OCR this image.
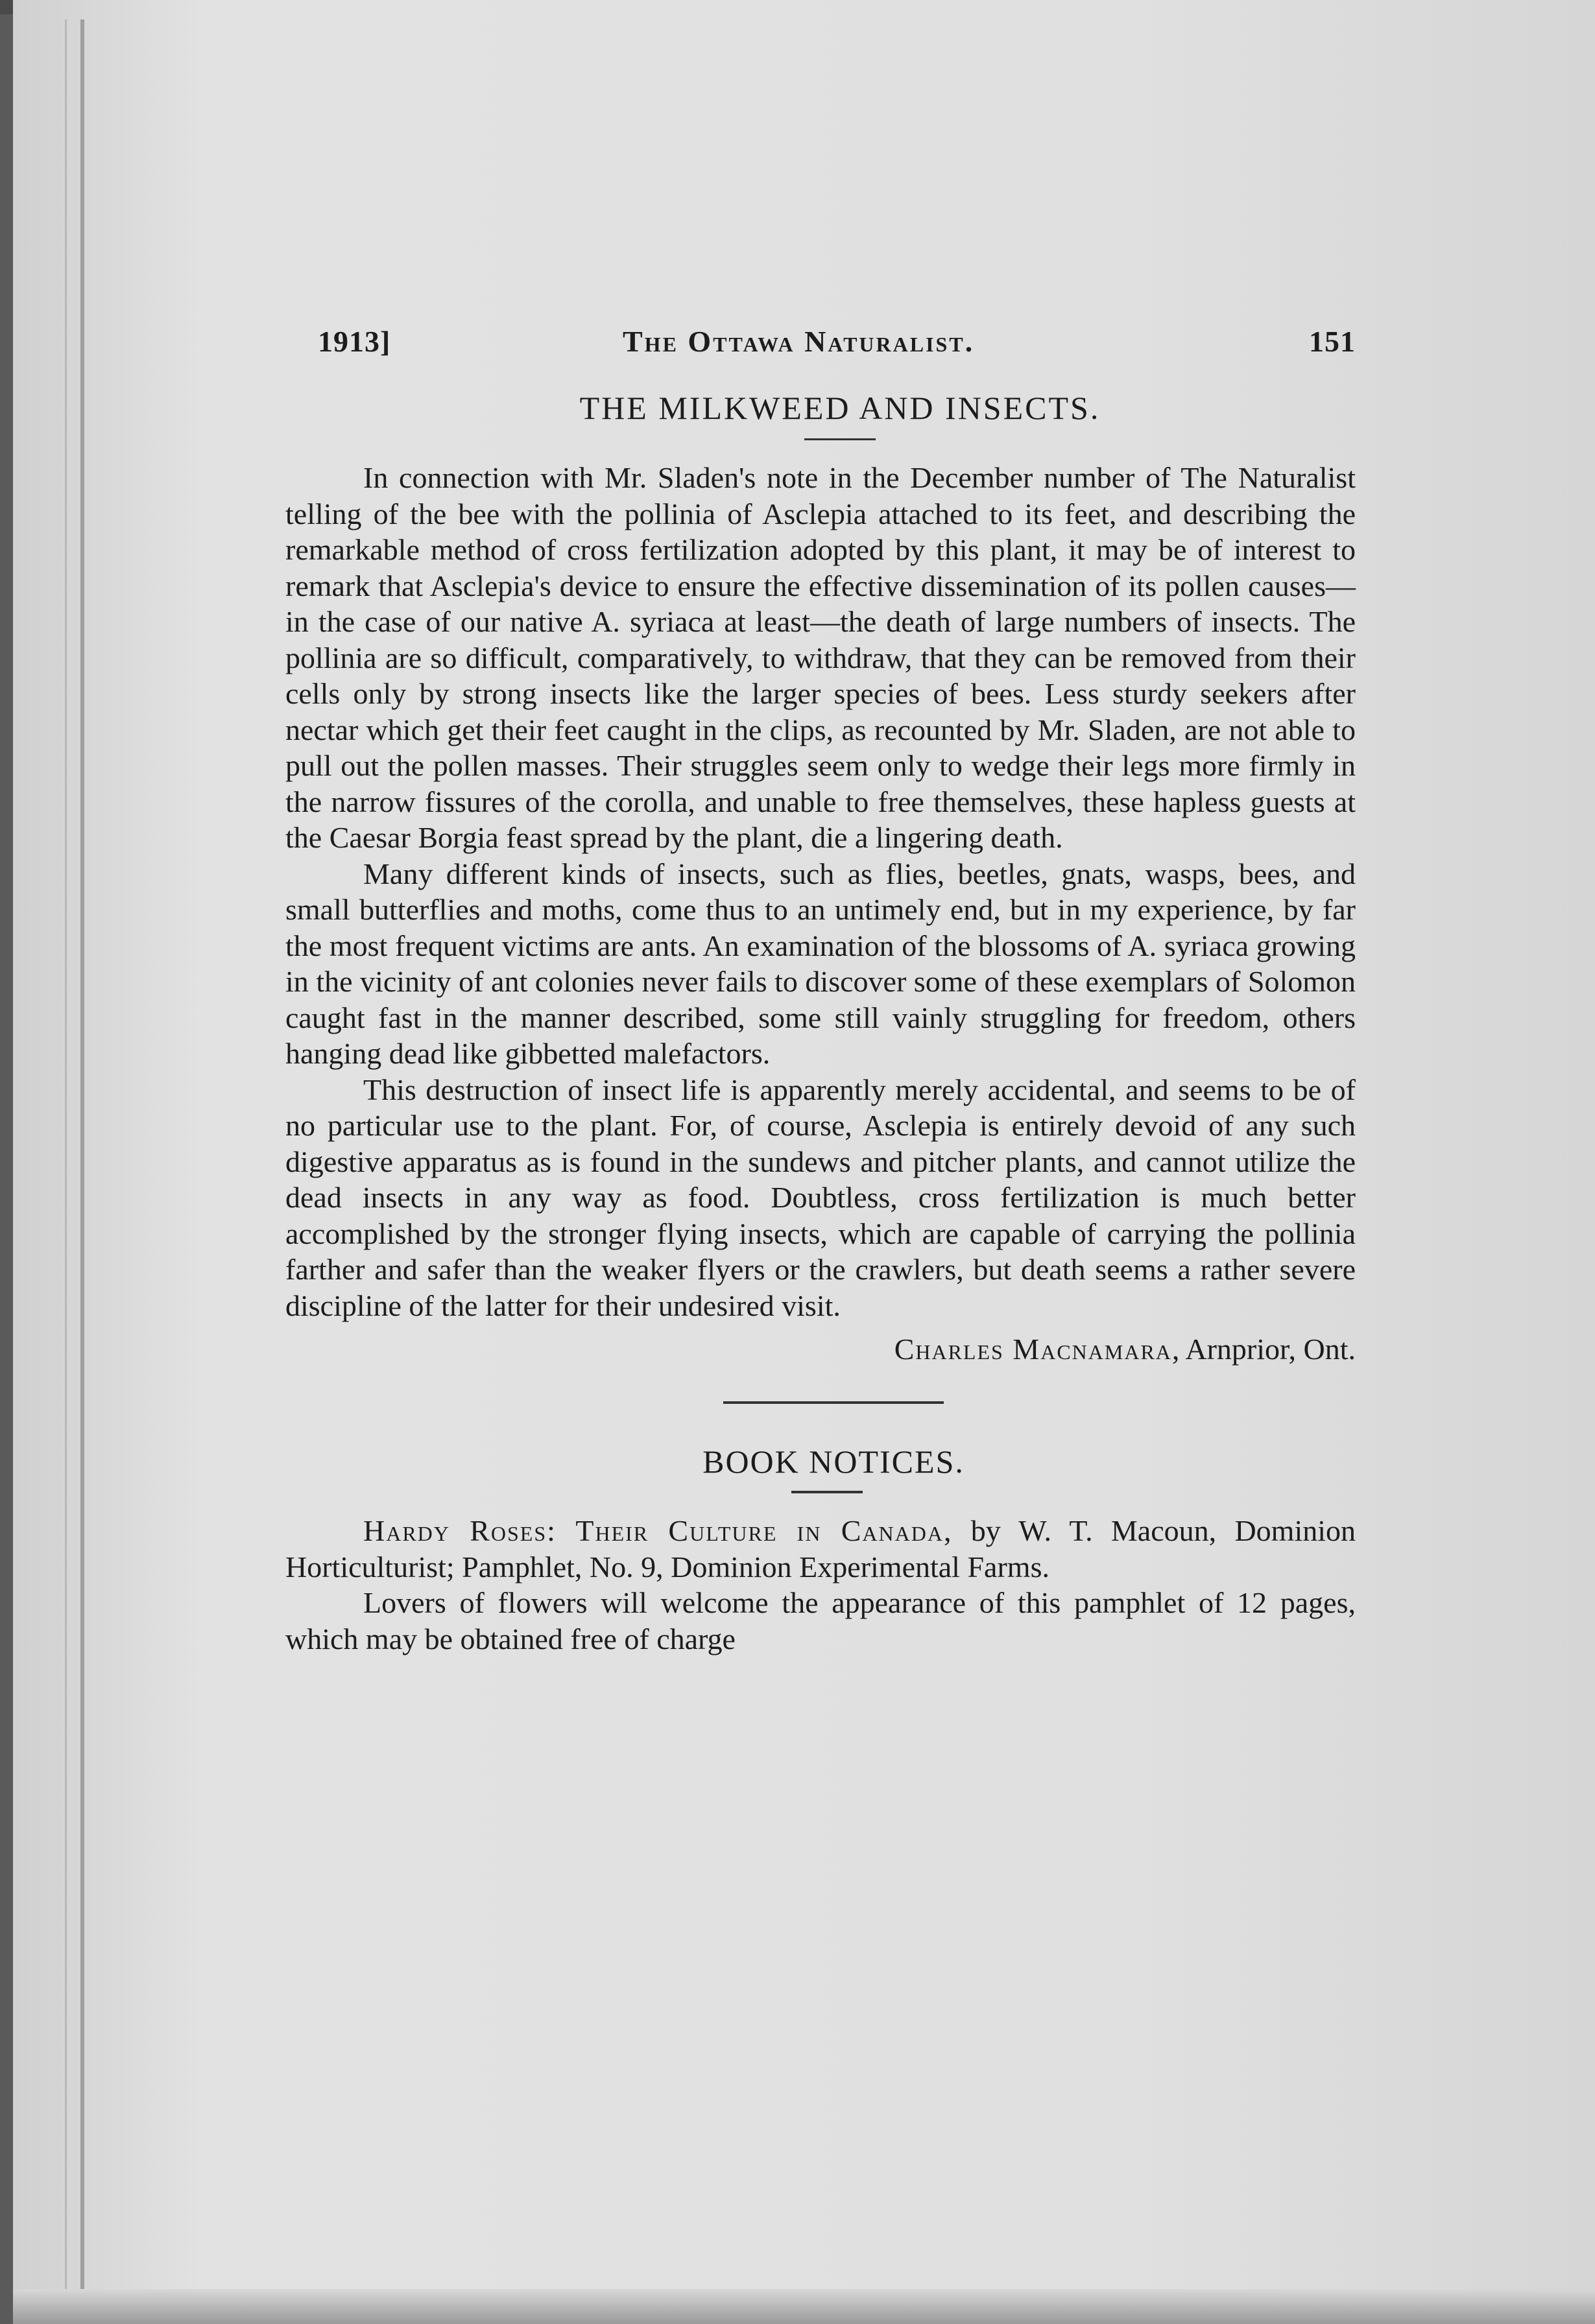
1913]	The Ottawa Naturalist.	151
THE MILKWEED AND INSECTS.

In connection with Mr. Sladen's note in the December number of The Naturalist telling of the bee with the pollinia of Asclepia attached to its feet, and describing the remarkable method of cross fertilization adopted by this plant, it may be of interest to remark that Asclepia's device to ensure the effective dissemination of its pollen causes—in the case of our native A. syriaca at least—the death of large numbers of insects. The pollinia are so difficult, comparatively, to withdraw, that they can be removed from their cells only by strong insects like the larger species of bees. Less sturdy seekers after nectar which get their feet caught in the clips, as recounted by Mr. Sladen, are not able to pull out the pollen masses. Their struggles seem only to wedge their legs more firmly in the narrow fissures of the corolla, and unable to free themselves, these hapless guests at the Caesar Borgia feast spread by the plant, die a lingering death.

Many different kinds of insects, such as flies, beetles, gnats, wasps, bees, and small butterflies and moths, come thus to an untimely end, but in my experience, by far the most frequent victims are ants. An examination of the blossoms of A. syriaca growing in the vicinity of ant colonies never fails to discover some of these exemplars of Solomon caught fast in the manner described, some still vainly struggling for freedom, others hanging dead like gibbetted malefactors.

This destruction of insect life is apparently merely accidental, and seems to be of no particular use to the plant. For, of course, Asclepia is entirely devoid of any such digestive apparatus as is found in the sundews and pitcher plants, and cannot utilize the dead insects in any way as food. Doubtless, cross fertilization is much better accomplished by the stronger flying insects, which are capable of carrying the pollinia farther and safer than the weaker flyers or the crawlers, but death seems a rather severe discipline of the latter for their undesired visit.

Charles Macnamara, Arnprior, Ont.
BOOK NOTICES.

Hardy Roses: Their Culture in Canada, by W. T. Macoun, Dominion Horticulturist; Pamphlet, No. 9, Dominion Experimental Farms.

Lovers of flowers will welcome the appearance of this pamphlet of 12 pages, which may be obtained free of charge
